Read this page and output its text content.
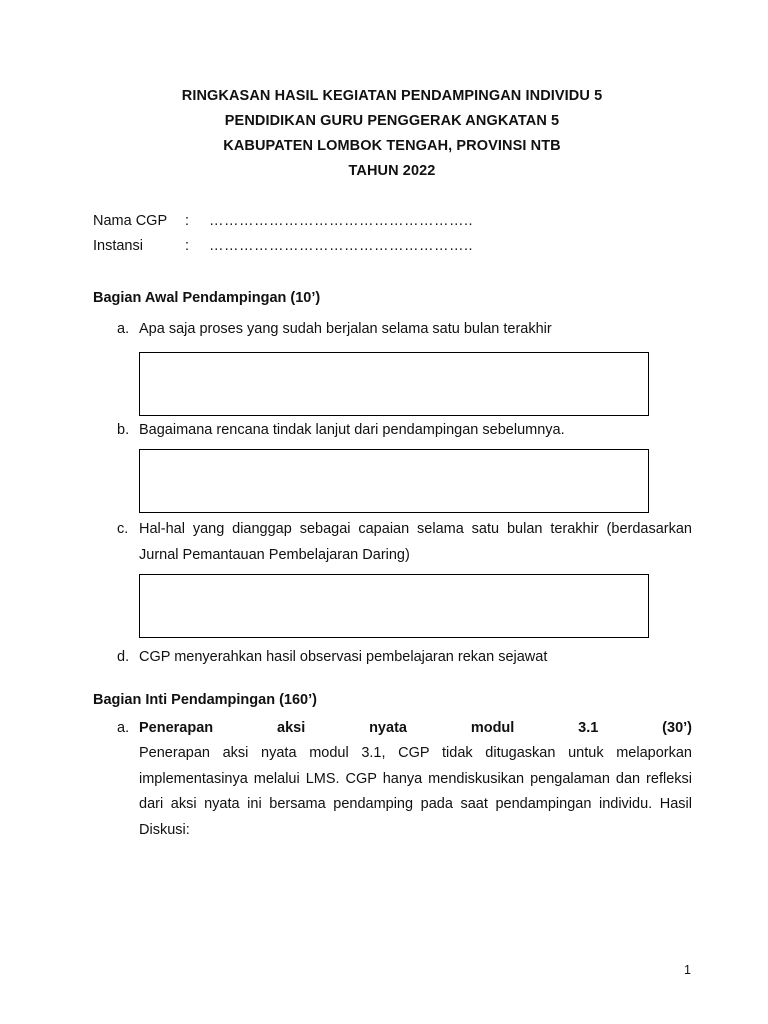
RINGKASAN HASIL KEGIATAN PENDAMPINGAN INDIVIDU 5
PENDIDIKAN GURU PENGGERAK ANGKATAN 5
KABUPATEN LOMBOK TENGAH, PROVINSI NTB
TAHUN 2022
Nama CGP : ……………………………………………..
Instansi	: ……………………………………………..
Bagian Awal Pendampingan (10’)
a. Apa saja proses yang sudah berjalan selama satu bulan terakhir
b. Bagaimana rencana tindak lanjut dari pendampingan sebelumnya.
c. Hal-hal yang dianggap sebagai capaian selama satu bulan terakhir (berdasarkan Jurnal Pemantauan Pembelajaran Daring)
d. CGP menyerahkan hasil observasi pembelajaran rekan sejawat
Bagian Inti Pendampingan (160’)
a. Penerapan	aksi	nyata	modul	3.1	(30’)
Penerapan aksi nyata modul 3.1, CGP tidak ditugaskan untuk melaporkan implementasinya melalui LMS. CGP hanya mendiskusikan pengalaman dan refleksi dari aksi nyata ini bersama pendamping pada saat pendampingan individu. Hasil Diskusi:
1
